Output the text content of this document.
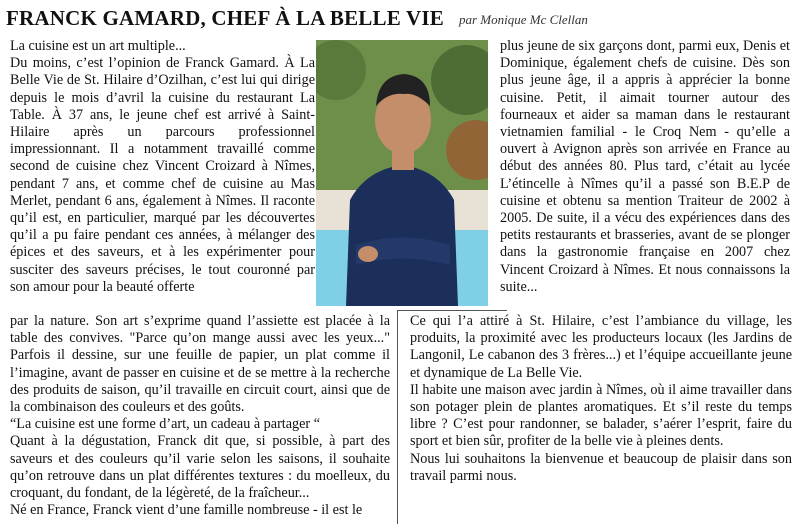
FRANCK GAMARD, CHEF À LA BELLE VIE par Monique Mc Clellan

La cuisine est un art multiple...

Du moins, c’est l’opinion de Franck Gamard. À La Belle Vie de St. Hilaire d’Ozilhan, c’est lui qui dirige depuis le mois d’avril la cuisine du restaurant La Table. À 37 ans, le jeune chef est arrivé à Saint-Hilaire après un parcours professionnel impressionnant. Il a notamment travaillé comme second de cuisine chez Vincent Croizard à Nîmes, pendant 7 ans, et comme chef de cuisine au Mas Merlet, pendant 6 ans, également à Nîmes. Il raconte qu’il est, en particulier, marqué par les découvertes qu’il a pu faire pendant ces années, à mélanger des épices et des saveurs, et à les expérimenter pour susciter des saveurs précises, le tout couronné par son amour pour la beauté offerte

plus jeune de six garçons dont, parmi eux, Denis et Dominique, également chefs de cuisine. Dès son plus jeune âge, il a appris à apprécier la bonne cuisine. Petit, il aimait tourner autour des fourneaux et aider sa maman dans le restaurant vietnamien familial - le Croq Nem - qu’elle a ouvert à Avignon après son arrivée en France au début des années 80. Plus tard, c’était au lycée L’étincelle à Nîmes qu’il a passé son B.E.P de cuisine et obtenu sa mention Traiteur de 2002 à 2005. De suite, il a vécu des expériences dans des petits restaurants et brasseries, avant de se plonger dans la gastronomie française en 2007 chez Vincent Croizard à Nîmes. Et nous connaissons la suite...

par la nature. Son art s’exprime quand l’assiette est placée à la table des convives. "Parce qu’on mange aussi avec les yeux..." Parfois il dessine, sur une feuille de papier, un plat comme il l’imagine, avant de passer en cuisine et de se mettre à la recherche des produits de saison, qu’il travaille en circuit court, ainsi que de la combinaison des couleurs et des goûts.

“La cuisine est une forme d’art, un cadeau à partager “

Quant à la dégustation, Franck dit que, si possible, à part des saveurs et des couleurs qu’il varie selon les saisons, il souhaite qu’on retrouve dans un plat différentes textures : du moelleux, du croquant, du fondant, de la légèreté, de la fraîcheur...

Né en France, Franck vient d’une famille nombreuse - il est le

Ce qui l’a attiré à St. Hilaire, c’est l’ambiance du village, les produits, la proximité avec les producteurs locaux (les Jardins de Langonil, Le cabanon des 3 frères...) et l’équipe accueillante jeune et dynamique de La Belle Vie.

Il habite une maison avec jardin à Nîmes, où il aime travailler dans son potager plein de plantes aromatiques. Et s’il reste du temps libre ? C’est pour randonner, se balader, s’aérer l’esprit, faire du sport et bien sûr, profiter de la belle vie à pleines dents.

Nous lui souhaitons la bienvenue et beaucoup de plaisir dans son travail parmi nous.
